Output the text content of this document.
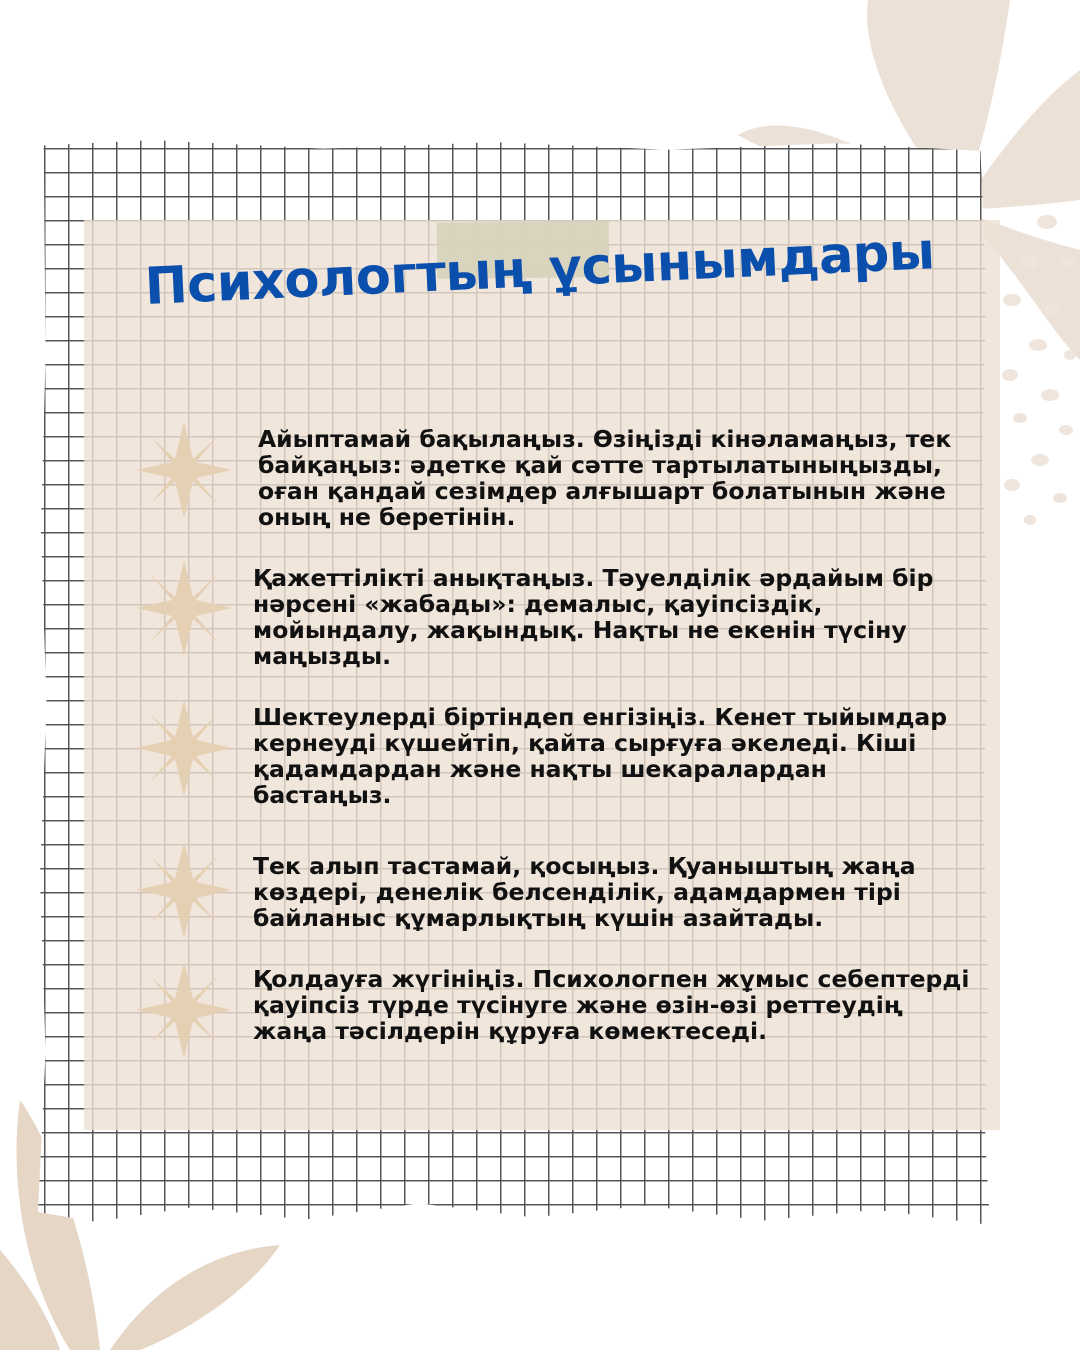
Психологтың ұсынымдары

Айыптамай бақылаңыз. Өзіңізді кінәламаңыз, тек байқаңыз: әдетке қай сәтте тартылатыныңызды, оған қандай сезімдер алғышарт болатынын және оның не беретінін.

Қажеттілікті анықтаңыз. Тәуелділік әрдайым бір нәрсені «жабады»: демалыс, қауіпсіздік, мойындалу, жақындық. Нақты не екенін түсіну маңызды.

Шектеулерді біртіндеп енгізіңіз. Кенет тыйымдар кернеуді күшейтіп, қайта сырғуға әкеледі. Кіші қадамдардан және нақты шекаралардан бастаңыз.

Тек алып тастамай, қосыңыз. Қуаныштың жаңа көздері, денелік белсенділік, адамдармен тірі байланыс құмарлықтың күшін азайтады.

Қолдауға жүгініңіз. Психологпен жұмыс себептерді қауіпсіз түрде түсінуге және өзін-өзі реттеудің жаңа тәсілдерін құруға көмектеседі.
